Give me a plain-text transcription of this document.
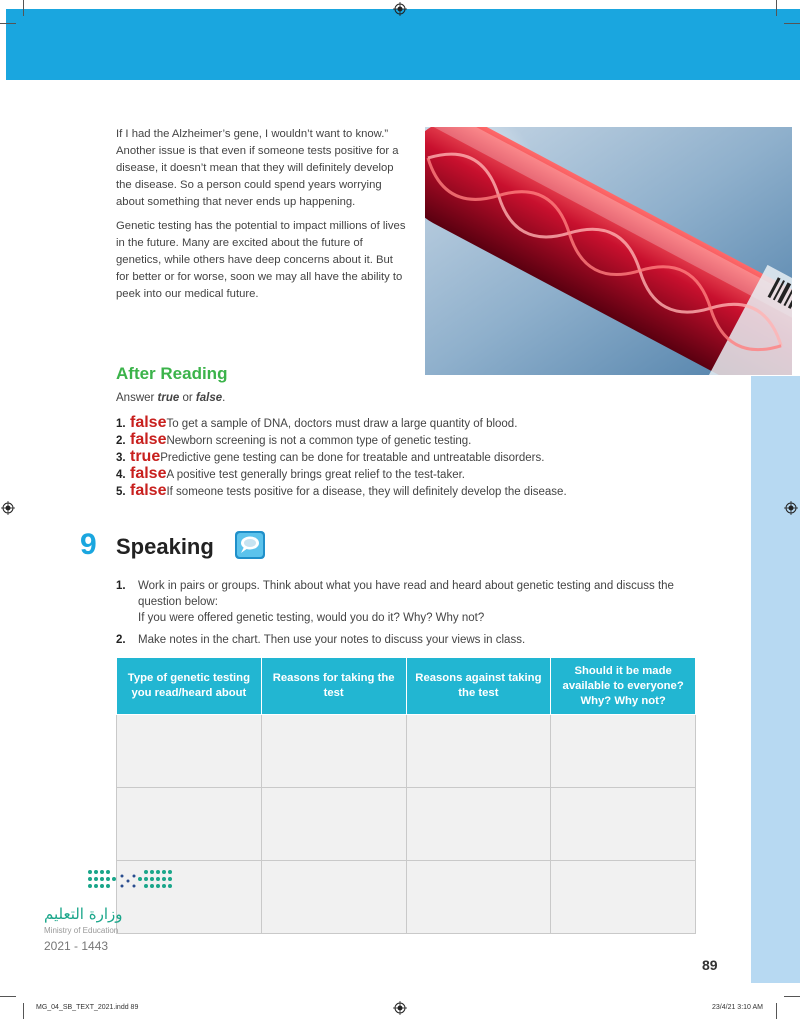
If I had the Alzheimer’s gene, I wouldn’t want to know.” Another issue is that even if someone tests positive for a disease, it doesn’t mean that they will definitely develop the disease. So a person could spend years worrying about something that never ends up happening.

Genetic testing has the potential to impact millions of lives in the future. Many are excited about the future of genetics, while others have deep concerns about it. But for better or for worse, soon we may all have the ability to peek into our medical future.

After Reading
Answer true or false.
1. falseTo get a sample of DNA, doctors must draw a large quantity of blood.
2. falseNewborn screening is not a common type of genetic testing.
3. truePredictive gene testing can be done for treatable and untreatable disorders.
4. falseA positive test generally brings great relief to the test-taker.
5. falseIf someone tests positive for a disease, they will definitely develop the disease.
9 Speaking
1.	Work in pairs or groups. Think about what you have read and heard about genetic testing and discuss the question below:
If you were offered genetic testing, would you do it? Why? Why not?
2.	Make notes in the chart. Then use your notes to discuss your views in class.
Type of genetic testing you read/heard about	Reasons for taking the test	Reasons against taking the test	Should it be made available to everyone? Why? Why not?

وزارة التعليم
Ministry of Education
2021 - 1443
89
MG_04_SB_TEXT_2021.indd 89	23/4/21 3:10 AM
